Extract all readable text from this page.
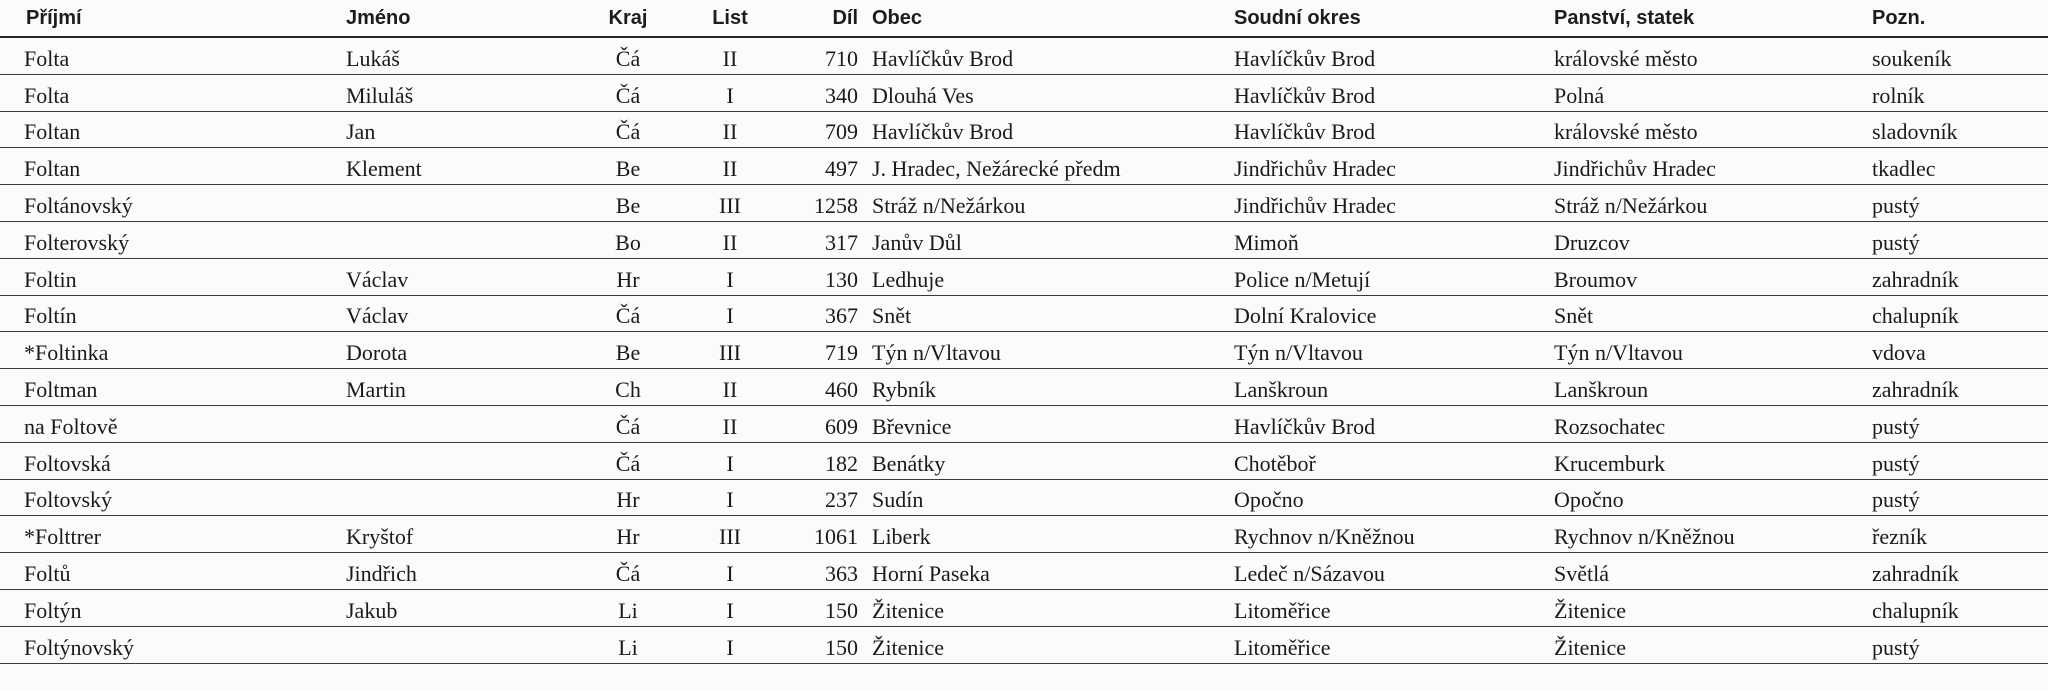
Příjmí	Jméno	Kraj	List	Díl	Obec	Soudní okres	Panství, statek	Pozn.
Folta	Lukáš	Čá	II	710	Havlíčkův Brod	Havlíčkův Brod	královské město	soukeník
Folta	Miluláš	Čá	I	340	Dlouhá Ves	Havlíčkův Brod	Polná	rolník
Foltan	Jan	Čá	II	709	Havlíčkův Brod	Havlíčkův Brod	královské město	sladovník
Foltan	Klement	Be	II	497	J. Hradec, Nežárecké předm	Jindřichův Hradec	Jindřichův Hradec	tkadlec
Foltánovský		Be	III	1258	Stráž n/Nežárkou	Jindřichův Hradec	Stráž n/Nežárkou	pustý
Folterovský		Bo	II	317	Janův Důl	Mimoň	Druzcov	pustý
Foltin	Václav	Hr	I	130	Ledhuje	Police n/Metují	Broumov	zahradník
Foltín	Václav	Čá	I	367	Snět	Dolní Kralovice	Snět	chalupník
*Foltinka	Dorota	Be	III	719	Týn n/Vltavou	Týn n/Vltavou	Týn n/Vltavou	vdova
Foltman	Martin	Ch	II	460	Rybník	Lanškroun	Lanškroun	zahradník
na Foltově		Čá	II	609	Břevnice	Havlíčkův Brod	Rozsochatec	pustý
Foltovská		Čá	I	182	Benátky	Chotěboř	Krucemburk	pustý
Foltovský		Hr	I	237	Sudín	Opočno	Opočno	pustý
*Folttrer	Kryštof	Hr	III	1061	Liberk	Rychnov n/Kněžnou	Rychnov n/Kněžnou	řezník
Foltů	Jindřich	Čá	I	363	Horní Paseka	Ledeč n/Sázavou	Světlá	zahradník
Foltýn	Jakub	Li	I	150	Žitenice	Litoměřice	Žitenice	chalupník
Foltýnovský		Li	I	150	Žitenice	Litoměřice	Žitenice	pustý
